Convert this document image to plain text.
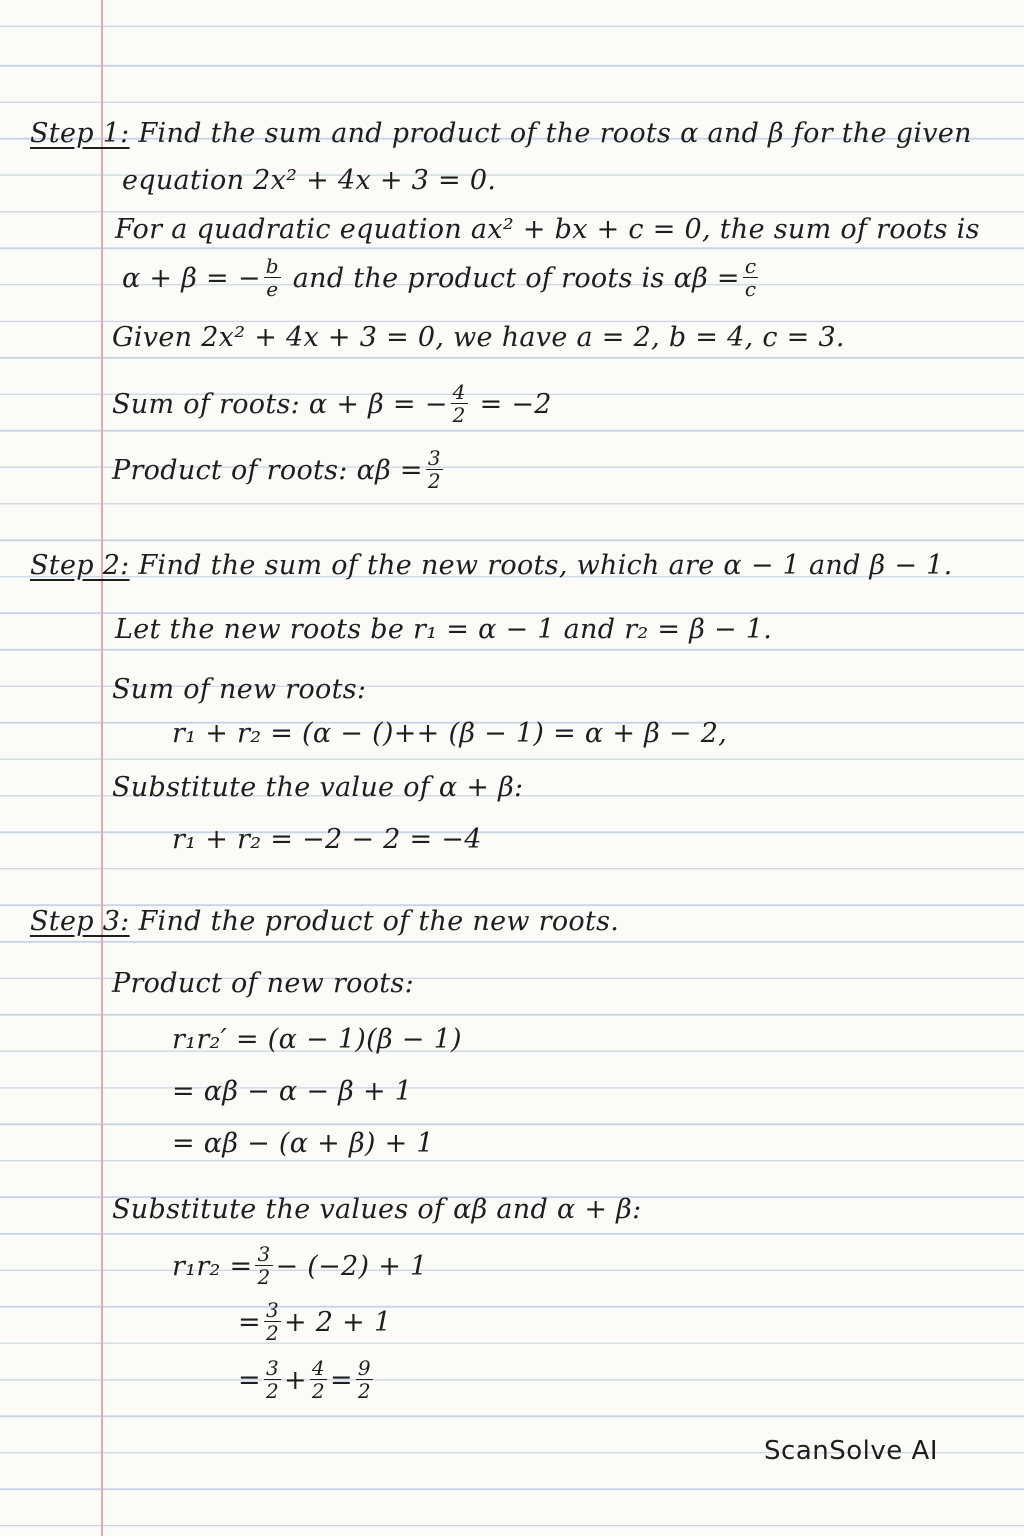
Step 1: Find the sum and product of the roots α and β for the given
equation 2x² + 4x + 3 = 0.
For a quadratic equation ax² + bx + c = 0, the sum of roots is
α + β = − $\frac{b}{e}$ and the product of roots is $\alpha\beta = \frac{c}{c}$
Given 2x² + 4x + 3 = 0, we have a = 2, b = 4, c = 3.
Sum of roots: α + β = − $\frac{4}{2} = -2$
Product of roots: $\alpha\beta = \frac{3}{2}$
Step 2: Find the sum of the new roots, which are α − 1 and β − 1.
Let the new roots be r₁ = α − 1 and r₂ = β − 1.
Sum of new roots:
r₁ + r₂ = (α − ()++ (β − 1) = α + β − 2,
Substitute the value of α + β:
r₁ + r₂ = −2 − 2 = −4
Step 3: Find the product of the new roots.
Product of new roots:
r₁r₂′ = (α − 1)(β − 1)
= αβ − α − β + 1
= αβ − (α + β) + 1
Substitute the values of αβ and α + β:
$r_1r_2 = \frac{3}{2} - (-2) + 1$
= $\frac{3}{2} + 2 + 1$
= $\frac{3}{2} + \frac{4}{2} = \frac{9}{2}$
ScanSolve AI
